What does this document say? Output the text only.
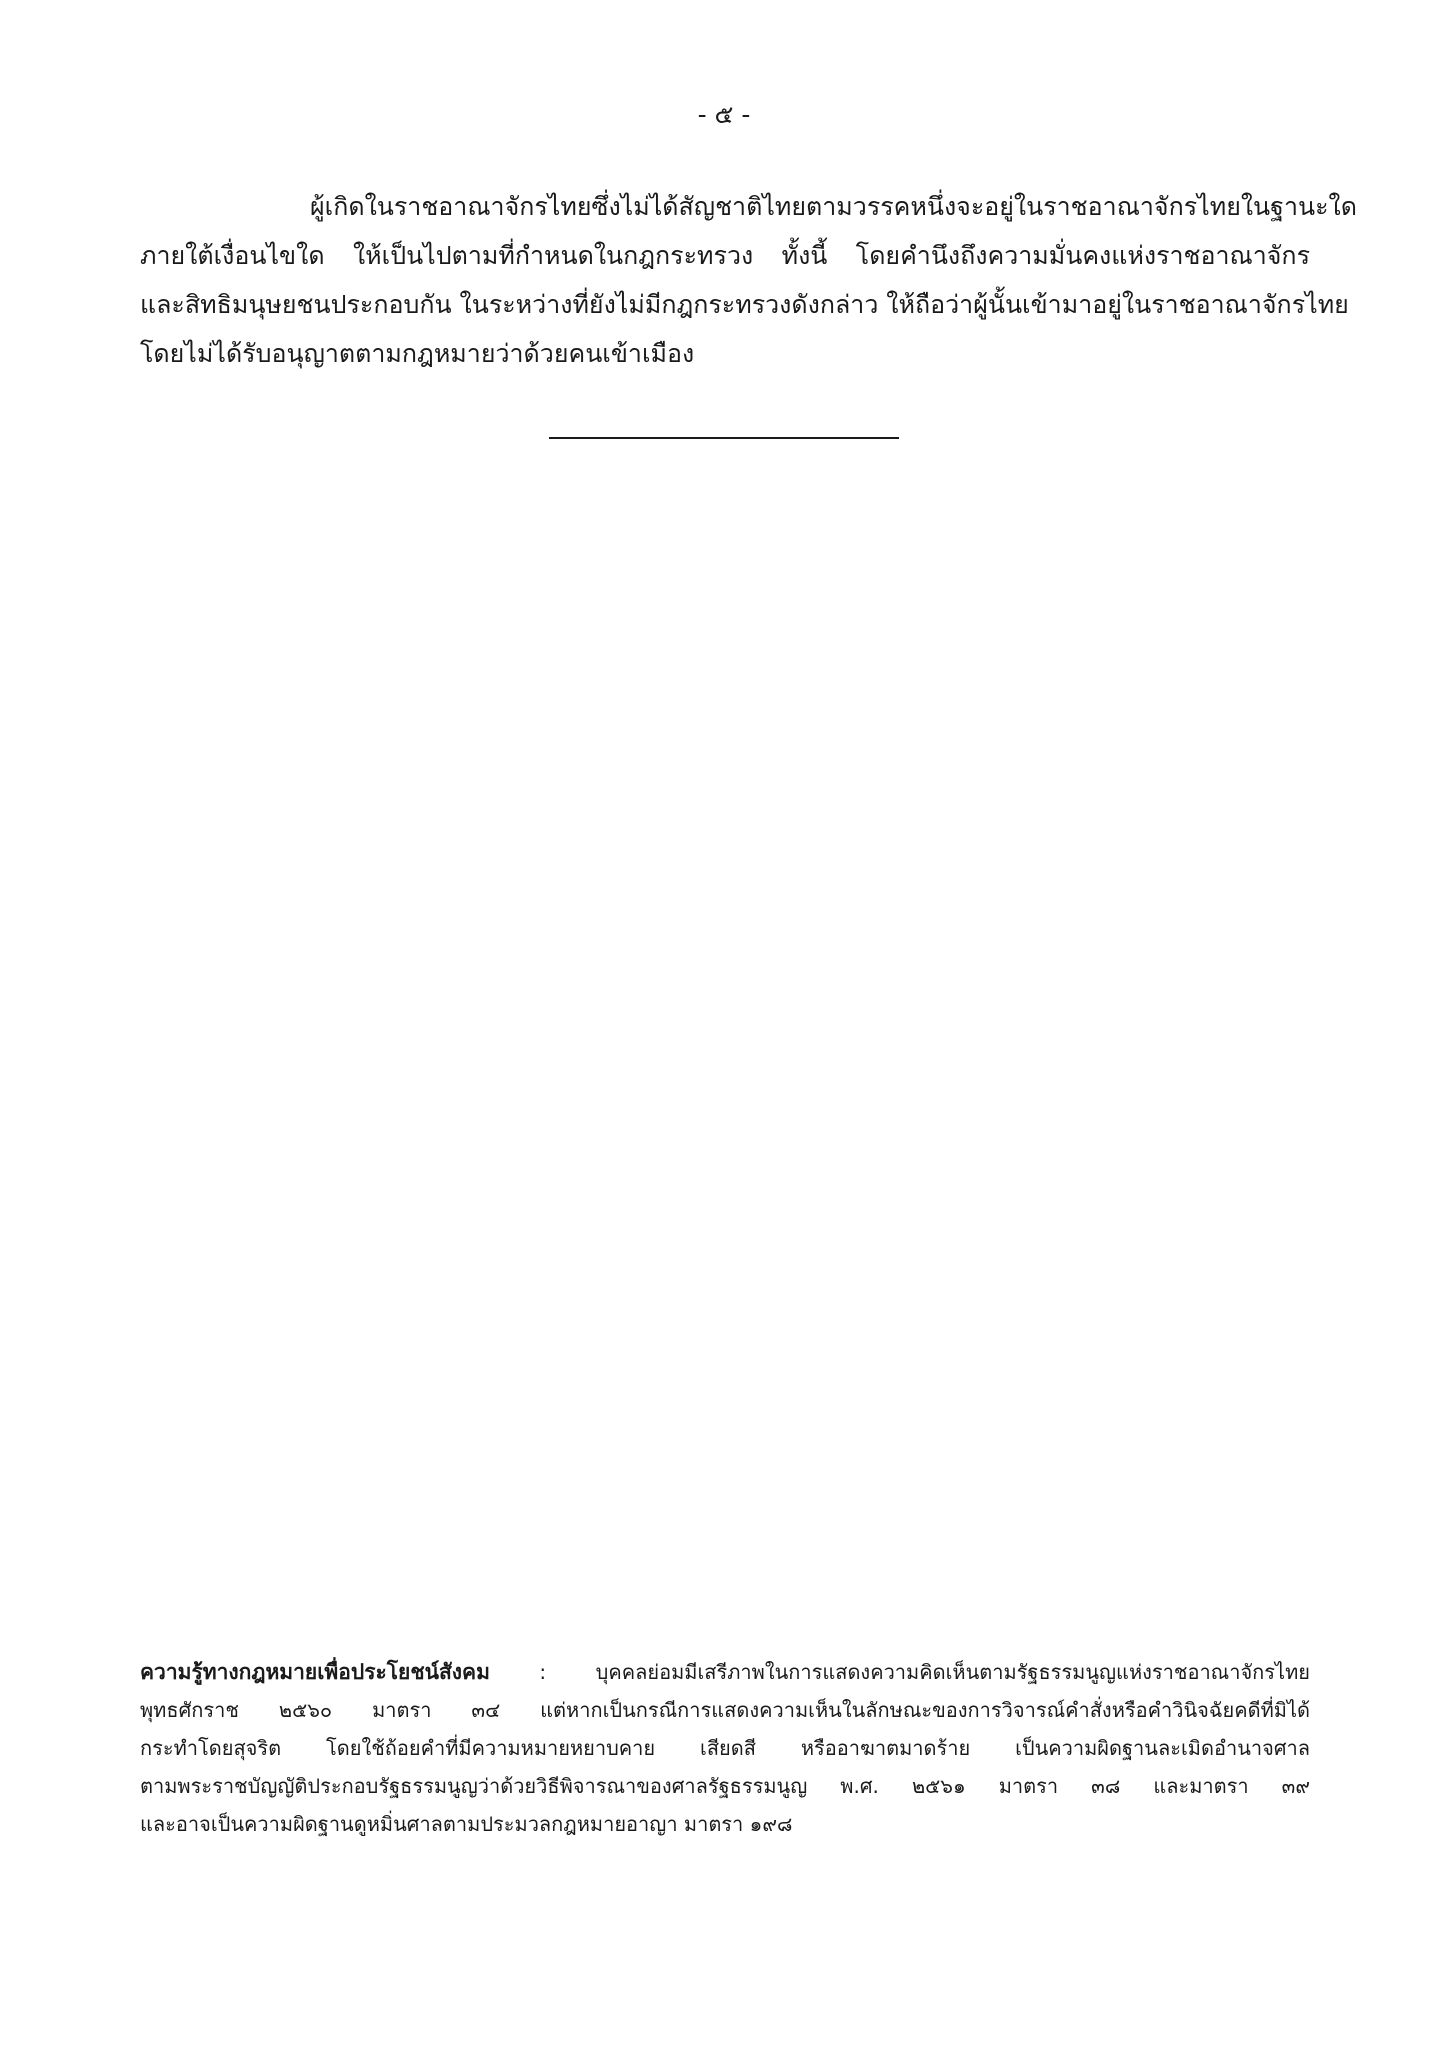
- ๕ -
ผู้เกิดในราชอาณาจักรไทยซึ่งไม่ได้สัญชาติไทยตามวรรคหนึ่งจะอยู่ในราชอาณาจักรไทยในฐานะใด
ภายใต้เงื่อนไขใด ให้เป็นไปตามที่กำหนดในกฎกระทรวง ทั้งนี้ โดยคำนึงถึงความมั่นคงแห่งราชอาณาจักร
และสิทธิมนุษยชนประกอบกัน ในระหว่างที่ยังไม่มีกฎกระทรวงดังกล่าว ให้ถือว่าผู้นั้นเข้ามาอยู่ในราชอาณาจักรไทย
โดยไม่ได้รับอนุญาตตามกฎหมายว่าด้วยคนเข้าเมือง
ความรู้ทางกฎหมายเพื่อประโยชน์สังคม : บุคคลย่อมมีเสรีภาพในการแสดงความคิดเห็นตามรัฐธรรมนูญแห่งราชอาณาจักรไทย
พุทธศักราช ๒๕๖๐ มาตรา ๓๔ แต่หากเป็นกรณีการแสดงความเห็นในลักษณะของการวิจารณ์คำสั่งหรือคำวินิจฉัยคดีที่มิได้
กระทำโดยสุจริต โดยใช้ถ้อยคำที่มีความหมายหยาบคาย เสียดสี หรืออาฆาตมาดร้าย เป็นความผิดฐานละเมิดอำนาจศาล
ตามพระราชบัญญัติประกอบรัฐธรรมนูญว่าด้วยวิธีพิจารณาของศาลรัฐธรรมนูญ พ.ศ. ๒๕๖๑ มาตรา ๓๘ และมาตรา ๓๙
และอาจเป็นความผิดฐานดูหมิ่นศาลตามประมวลกฎหมายอาญา มาตรา ๑๙๘
